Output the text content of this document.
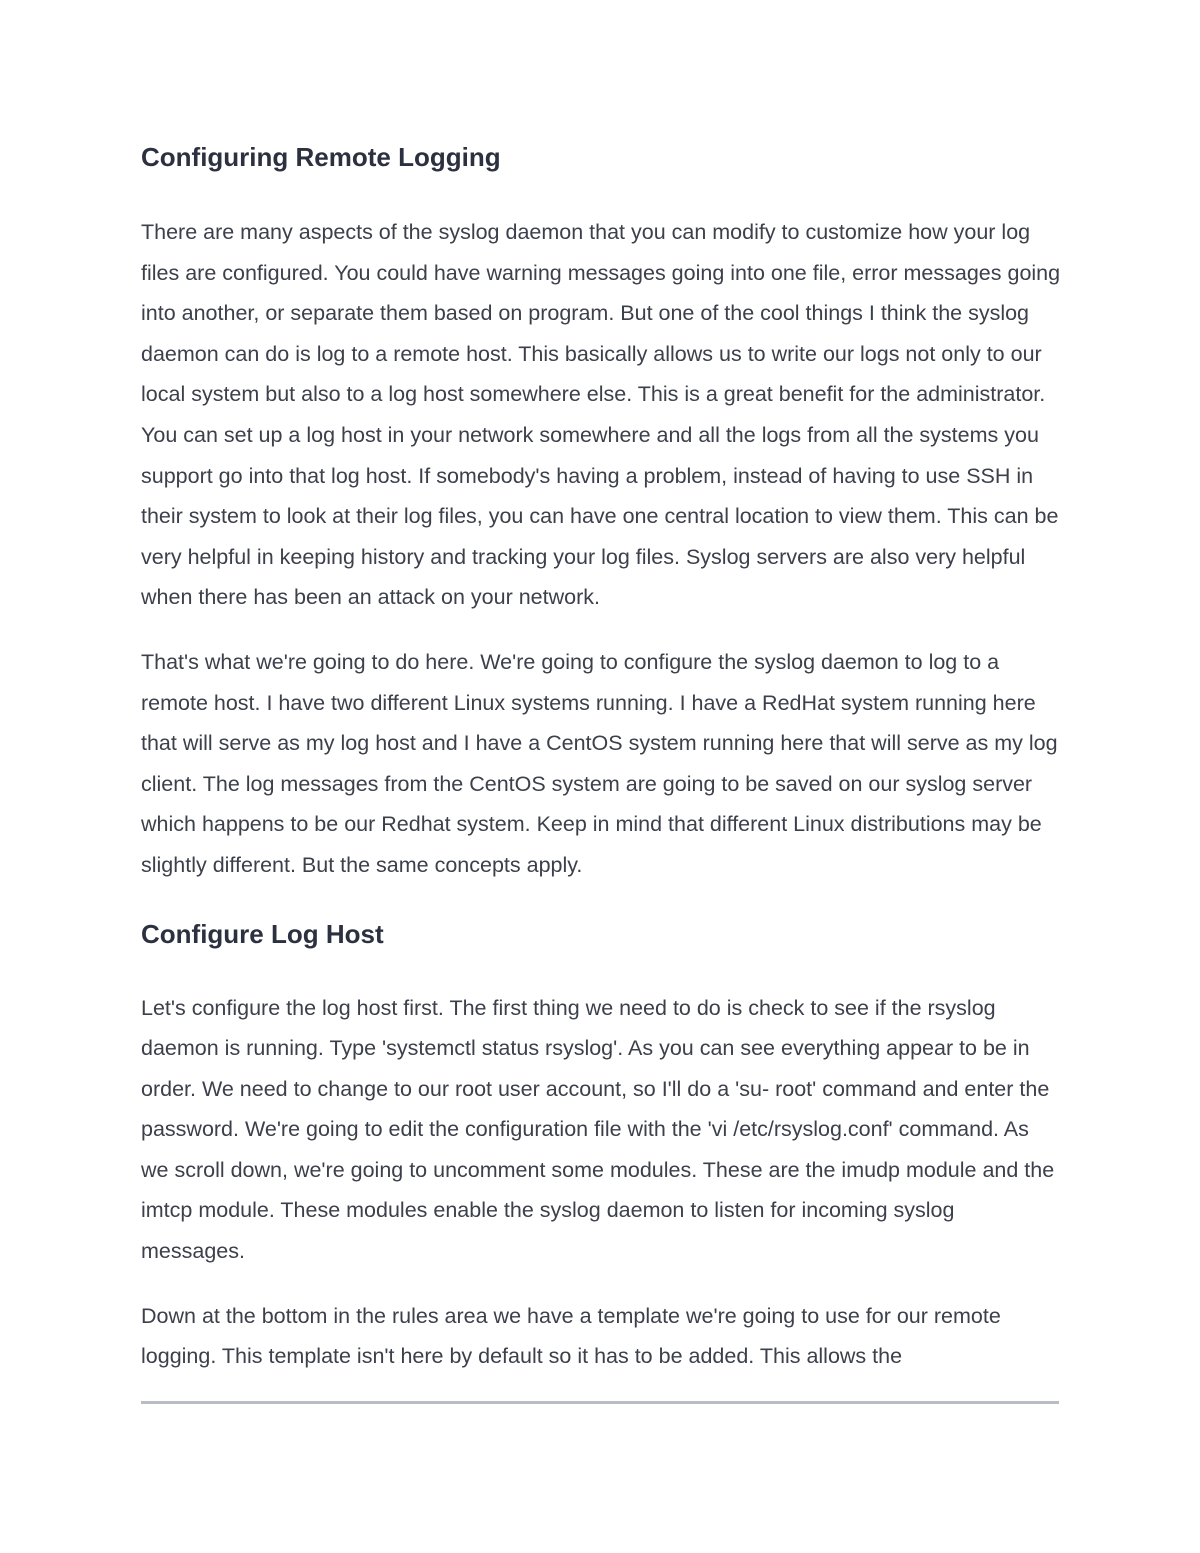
Configuring Remote Logging

There are many aspects of the syslog daemon that you can modify to customize how your log files are configured. You could have warning messages going into one file, error messages going into another, or separate them based on program. But one of the cool things I think the syslog daemon can do is log to a remote host. This basically allows us to write our logs not only to our local system but also to a log host somewhere else. This is a great benefit for the administrator. You can set up a log host in your network somewhere and all the logs from all the systems you support go into that log host. If somebody's having a problem, instead of having to use SSH in their system to look at their log files, you can have one central location to view them. This can be very helpful in keeping history and tracking your log files. Syslog servers are also very helpful when there has been an attack on your network.

That's what we're going to do here. We're going to configure the syslog daemon to log to a remote host. I have two different Linux systems running. I have a RedHat system running here that will serve as my log host and I have a CentOS system running here that will serve as my log client. The log messages from the CentOS system are going to be saved on our syslog server which happens to be our Redhat system. Keep in mind that different Linux distributions may be slightly different. But the same concepts apply.

Configure Log Host

Let's configure the log host first. The first thing we need to do is check to see if the rsyslog daemon is running. Type 'systemctl status rsyslog'. As you can see everything appear to be in order. We need to change to our root user account, so I'll do a 'su- root' command and enter the password. We're going to edit the configuration file with the 'vi /etc/rsyslog.conf' command. As we scroll down, we're going to uncomment some modules. These are the imudp module and the imtcp module. These modules enable the syslog daemon to listen for incoming syslog messages.

Down at the bottom in the rules area we have a template we're going to use for our remote logging. This template isn't here by default so it has to be added. This allows the
